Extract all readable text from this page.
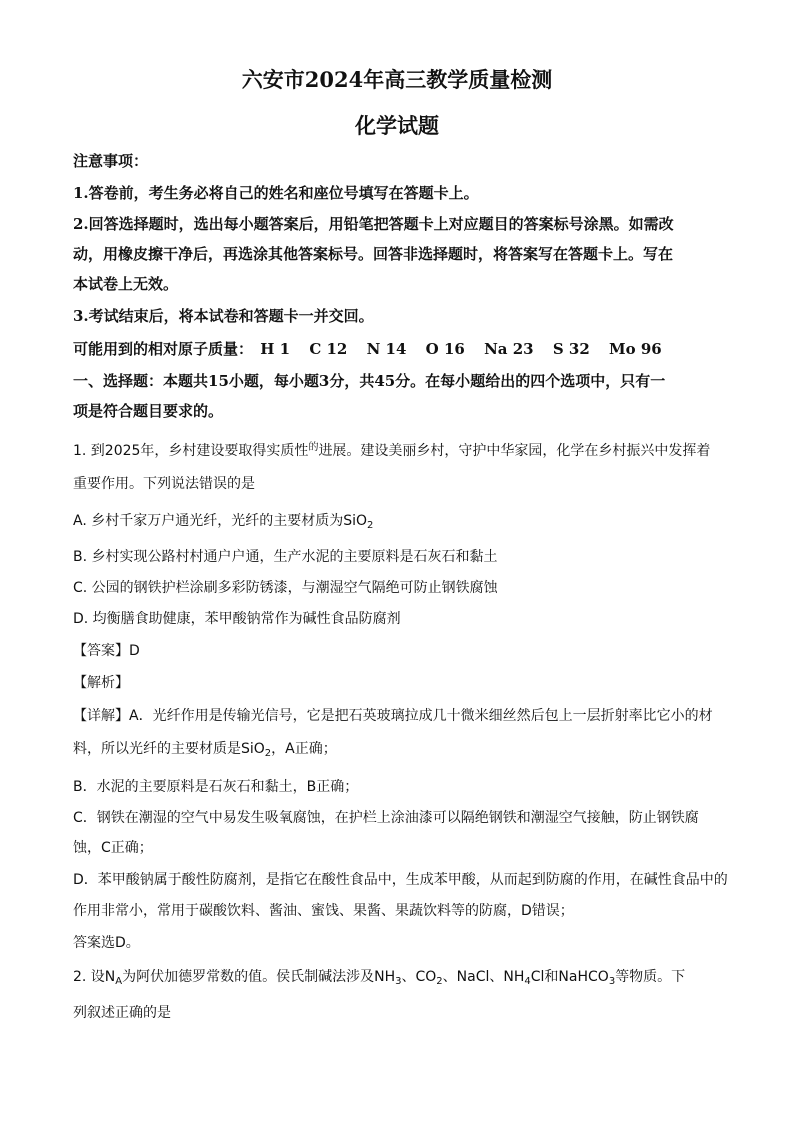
六安市2024年高三教学质量检测
化学试题
注意事项：
1.答卷前，考生务必将自己的姓名和座位号填写在答题卡上。
2.回答选择题时，选出每小题答案后，用铅笔把答题卡上对应题目的答案标号涂黑。如需改
动，用橡皮擦干净后，再选涂其他答案标号。回答非选择题时，将答案写在答题卡上。写在
本试卷上无效。
3.考试结束后，将本试卷和答题卡一并交回。
可能用到的相对原子质量： H 1 C 12 N 14 O 16 Na 23 S 32 Mo 96
一、选择题：本题共15小题，每小题3分，共45分。在每小题给出的四个选项中，只有一
项是符合题目要求的。
1. 到2025年，乡村建设要取得实质性$^的$进展。建设美丽乡村，守护中华家园，化学在乡村振兴中发挥着
重要作用。下列说法错误的是
A. 乡村千家万户通光纤，光纤的主要材质为SiO$_2$
B. 乡村实现公路村村通户户通，生产水泥的主要原料是石灰石和黏土
C. 公园的钢铁护栏涂刷多彩防锈漆，与潮湿空气隔绝可防止钢铁腐蚀
D. 均衡膳食助健康，苯甲酸钠常作为碱性食品防腐剂
【答案】D
【解析】
【详解】A．光纤作用是传输光信号，它是把石英玻璃拉成几十微米细丝然后包上一层折射率比它小的材
料，所以光纤的主要材质是SiO$_2$，A正确；
B．水泥的主要原料是石灰石和黏土，B正确；
C．钢铁在潮湿的空气中易发生吸氧腐蚀，在护栏上涂油漆可以隔绝钢铁和潮湿空气接触，防止钢铁腐
蚀，C正确；
D．苯甲酸钠属于酸性防腐剂，是指它在酸性食品中，生成苯甲酸，从而起到防腐的作用，在碱性食品中的
作用非常小，常用于碳酸饮料、酱油、蜜饯、果酱、果蔬饮料等的防腐，D错误；
答案选D。
2. 设$N_A$为阿伏加德罗常数的值。侯氏制碱法涉及$NH_3$、$CO_2$、NaCl、$NH_4Cl$和NaHCO$_3$等物质。下
列叙述正确的是
